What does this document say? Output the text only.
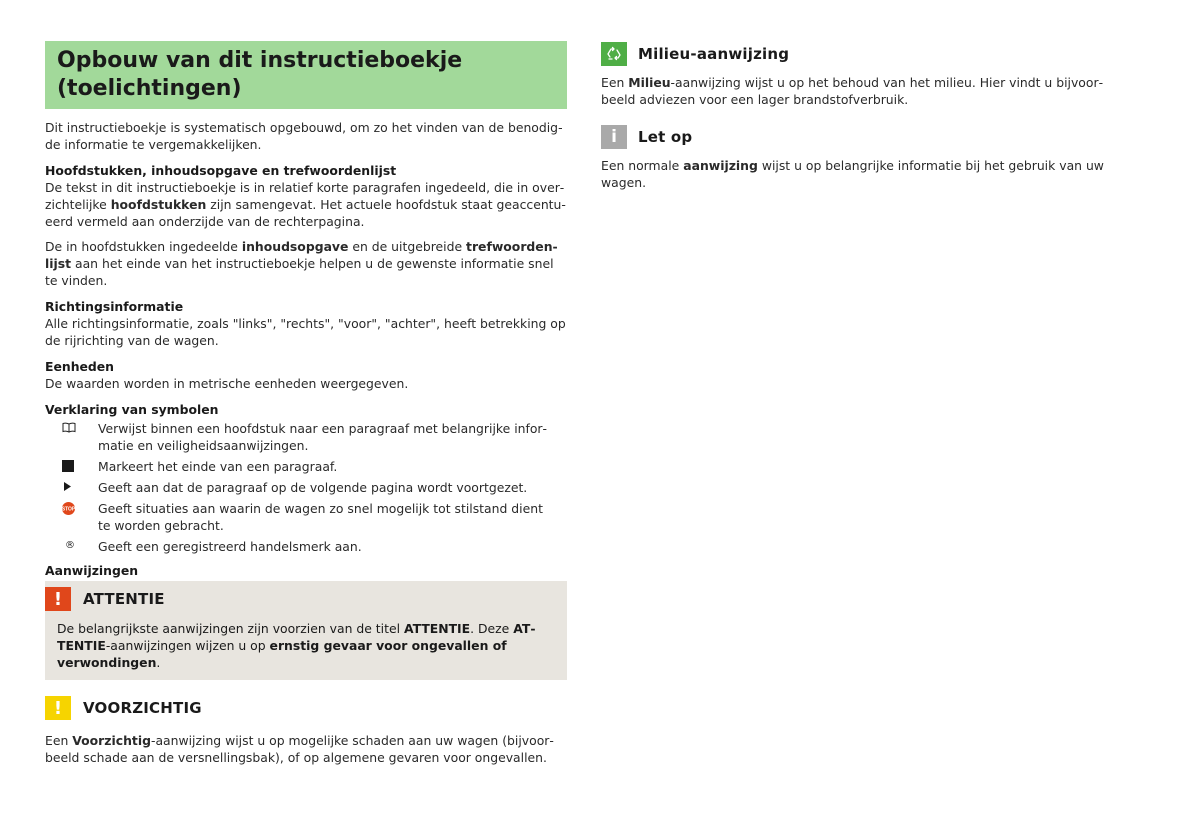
Opbouw van dit instructieboekje
(toelichtingen)

Dit instructieboekje is systematisch opgebouwd, om zo het vinden van de benodigde informatie te vergemakkelijken.

Hoofdstukken, inhoudsopgave en trefwoordenlijst

De tekst in dit instructieboekje is in relatief korte paragrafen ingedeeld, die in overzichtelijke hoofdstukken zijn samengevat. Het actuele hoofdstuk staat geaccentueerd vermeld aan onderzijde van de rechterpagina.

De in hoofdstukken ingedeelde inhoudsopgave en de uitgebreide trefwoordenlijst aan het einde van het instructieboekje helpen u de gewenste informatie snel te vinden.

Richtingsinformatie

Alle richtingsinformatie, zoals "links", "rechts", "voor", "achter", heeft betrekking op de rijrichting van de wagen.

Eenheden

De waarden worden in metrische eenheden weergegeven.

Verklaring van symbolen
Verwijst binnen een hoofdstuk naar een paragraaf met belangrijke informatie en veiligheidsaanwijzingen.
Markeert het einde van een paragraaf.
Geeft aan dat de paragraaf op de volgende pagina wordt voortgezet.
STOP Geeft situaties aan waarin de wagen zo snel mogelijk tot stilstand dient te worden gebracht.
®	Geeft een geregistreerd handelsmerk aan.
Aanwijzingen
!	ATTENTIE

De belangrijkste aanwijzingen zijn voorzien van de titel ATTENTIE. Deze ATTENTIE-aanwijzingen wijzen u op ernstig gevaar voor ongevallen of verwondingen.

!	VOORZICHTIG

Een Voorzichtig-aanwijzing wijst u op mogelijke schaden aan uw wagen (bijvoorbeeld schade aan de versnellingsbak), of op algemene gevaren voor ongevallen.

Milieu-aanwijzing

Een Milieu-aanwijzing wijst u op het behoud van het milieu. Hier vindt u bijvoorbeeld adviezen voor een lager brandstofverbruik.

i	Let op

Een normale aanwijzing wijst u op belangrijke informatie bij het gebruik van uw wagen.
